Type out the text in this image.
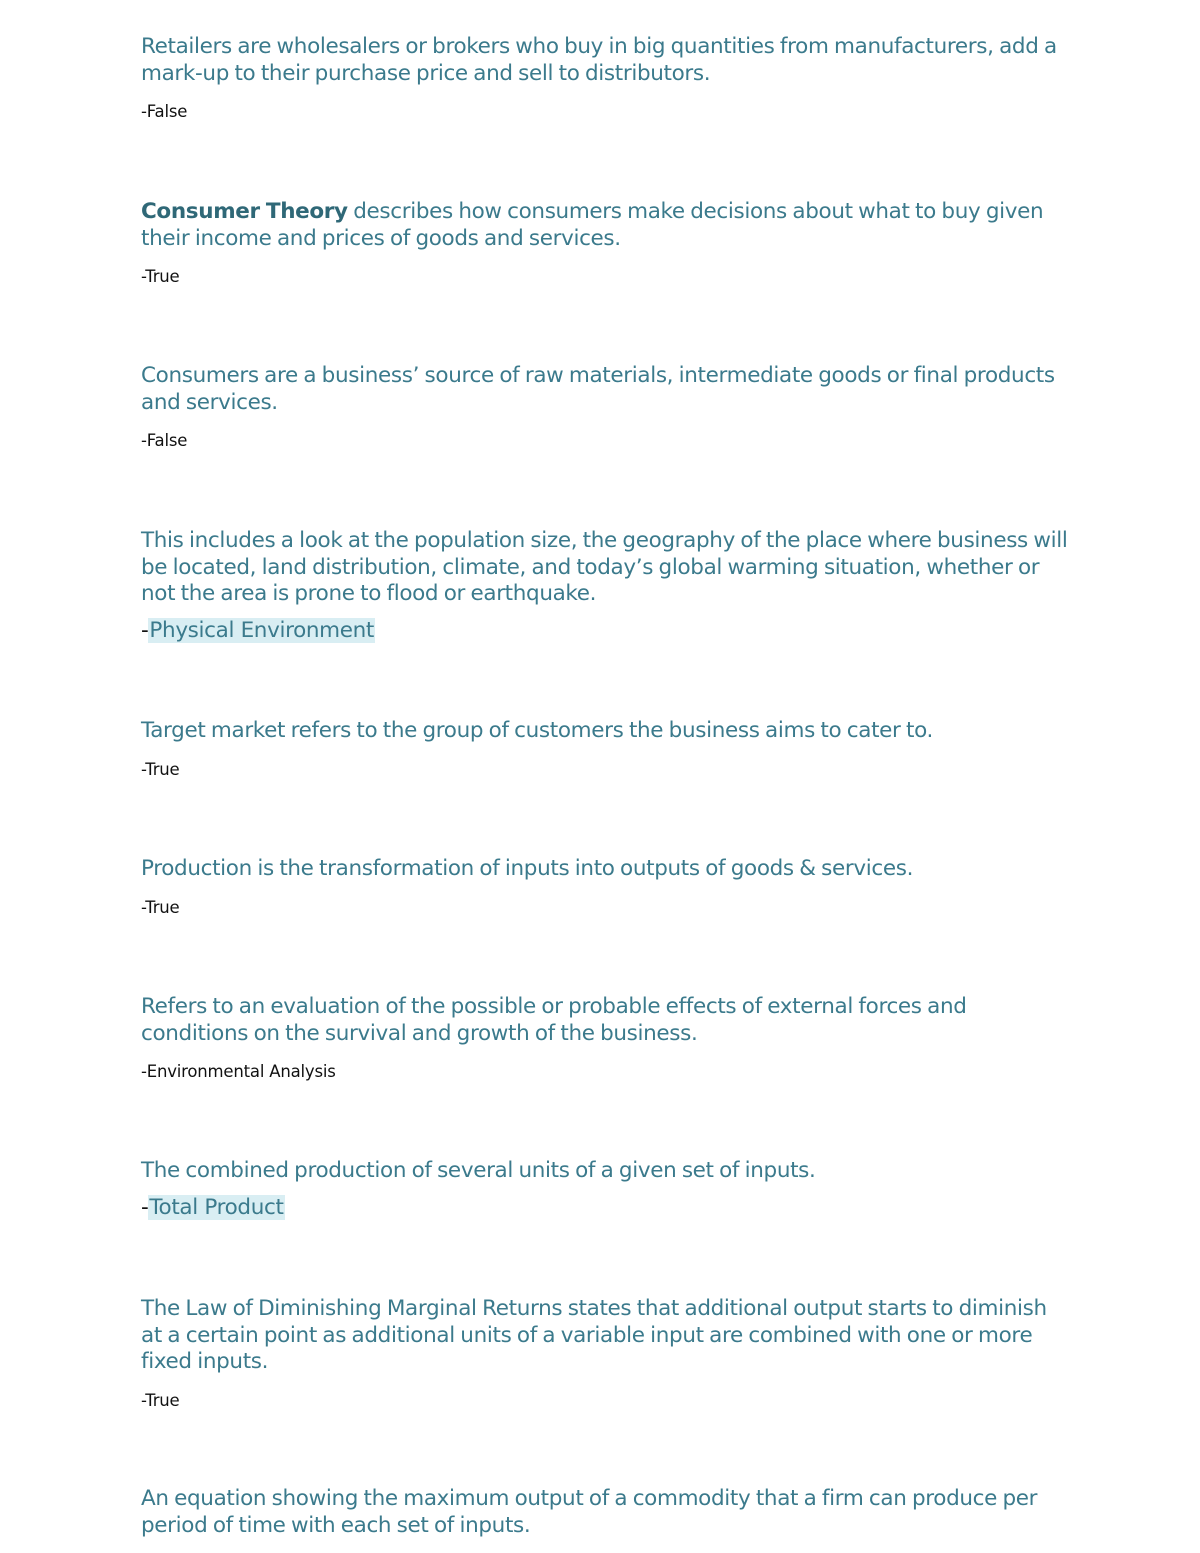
Retailers are wholesalers or brokers who buy in big quantities from manufacturers, add a mark-up to their purchase price and sell to distributors.

-False

Consumer Theory describes how consumers make decisions about what to buy given their income and prices of goods and services.

-True

Consumers are a business’ source of raw materials, intermediate goods or final products and services.

-False

This includes a look at the population size, the geography of the place where business will be located, land distribution, climate, and today’s global warming situation, whether or not the area is prone to flood or earthquake.

-Physical Environment

Target market refers to the group of customers the business aims to cater to.

-True

Production is the transformation of inputs into outputs of goods & services.

-True

Refers to an evaluation of the possible or probable effects of external forces and conditions on the survival and growth of the business.

-Environmental Analysis

The combined production of several units of a given set of inputs.

-Total Product

The Law of Diminishing Marginal Returns states that additional output starts to diminish at a certain point as additional units of a variable input are combined with one or more fixed inputs.

-True

An equation showing the maximum output of a commodity that a firm can produce per period of time with each set of inputs.
